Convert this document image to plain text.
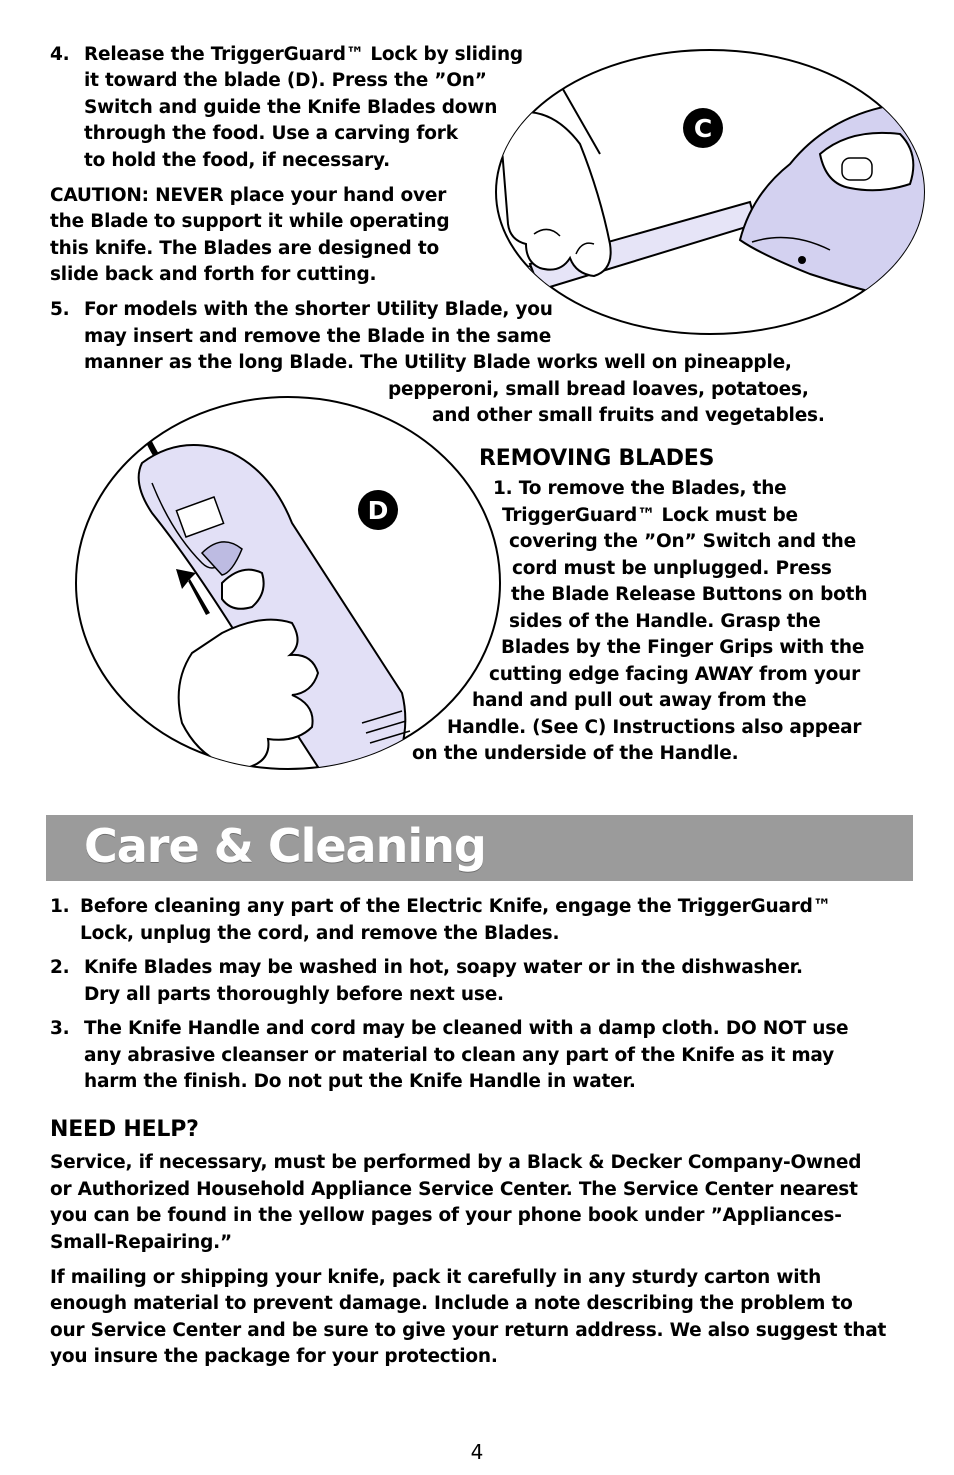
C
D
4. Release the TriggerGuard™ Lock by sliding
it toward the blade (D). Press the ”On”
Switch and guide the Knife Blades down
through the food. Use a carving fork
to hold the food, if necessary.
CAUTION: NEVER place your hand over
the Blade to support it while operating
this knife. The Blades are designed to
slide back and forth for cutting.
5. For models with the shorter Utility Blade, you
may insert and remove the Blade in the same
manner as the long Blade. The Utility Blade works well on pineapple,
pepperoni, small bread loaves, potatoes,
and other small fruits and vegetables.
REMOVING BLADES
1. To remove the Blades, the
TriggerGuard™ Lock must be
covering the ”On” Switch and the
cord must be unplugged. Press
the Blade Release Buttons on both
sides of the Handle. Grasp the
Blades by the Finger Grips with the
cutting edge facing AWAY from your
hand and pull out away from the
Handle. (See C) Instructions also appear
on the underside of the Handle.
Care & Cleaning
1. Before cleaning any part of the Electric Knife, engage the TriggerGuard™
Lock, unplug the cord, and remove the Blades.
2. Knife Blades may be washed in hot, soapy water or in the dishwasher.
Dry all parts thoroughly before next use.
3. The Knife Handle and cord may be cleaned with a damp cloth. DO NOT use
any abrasive cleanser or material to clean any part of the Knife as it may
harm the finish. Do not put the Knife Handle in water.
NEED HELP?
Service, if necessary, must be performed by a Black & Decker Company-Owned
or Authorized Household Appliance Service Center. The Service Center nearest
you can be found in the yellow pages of your phone book under ”Appliances-
Small-Repairing.”
If mailing or shipping your knife, pack it carefully in any sturdy carton with
enough material to prevent damage. Include a note describing the problem to
our Service Center and be sure to give your return address. We also suggest that
you insure the package for your protection.
4
